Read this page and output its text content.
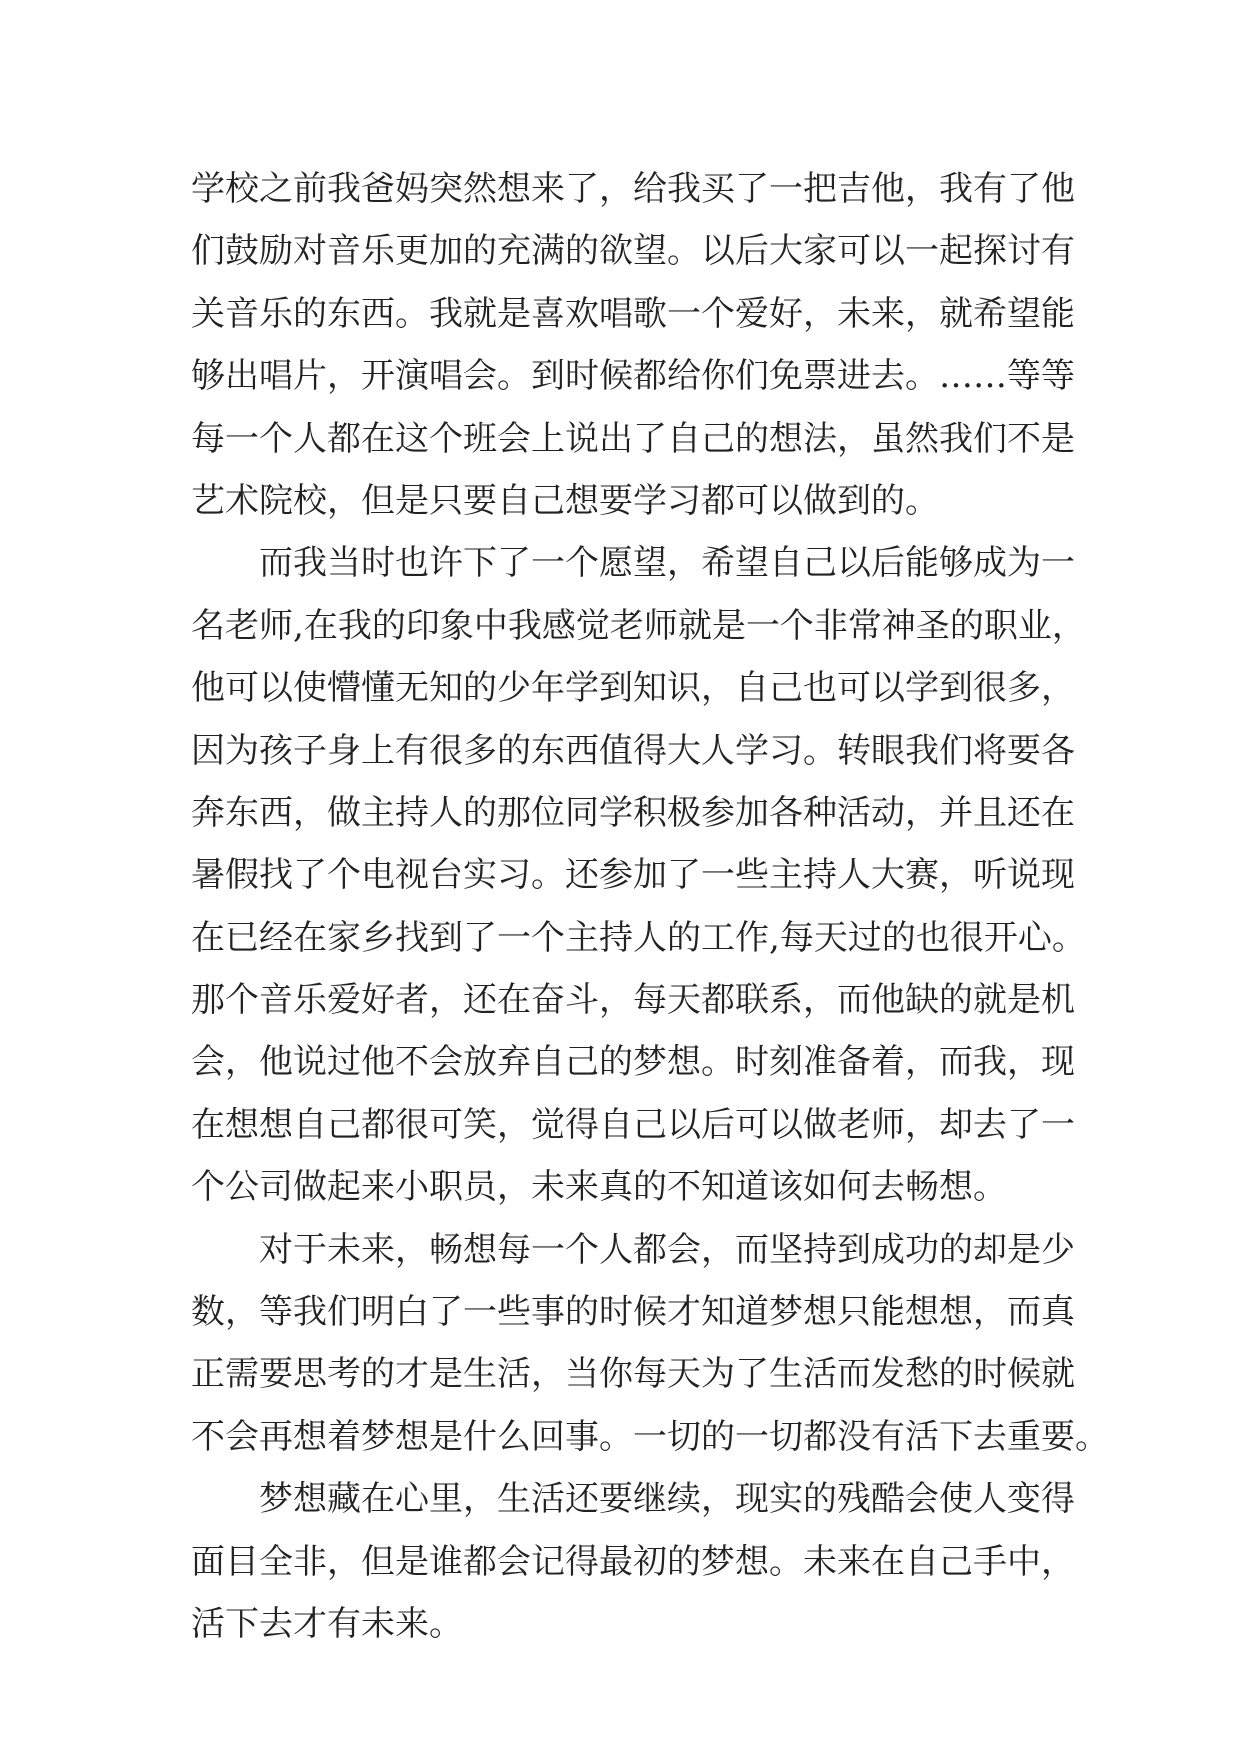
学 校 之 前 我 爸 妈 突 然 想 来 了 ， 给 我 买 了 一 把 吉 他 ， 我 有 了 他
们 鼓 励 对 音 乐 更 加 的 充 满 的 欲 望 。 以 后 大 家 可 以 一 起 探 讨 有
关 音 乐 的 东 西 。 我 就 是 喜 欢 唱 歌 一 个 爱 好 ， 未 来 ， 就 希 望 能
够 出 唱 片 ， 开 演 唱 会 。 到 时 候 都 给 你 们 免 票 进 去 。 … … 等 等
每 一 个 人 都 在 这 个 班 会 上 说 出 了 自 己 的 想 法 ， 虽 然 我 们 不 是
艺术院校，但是只要自己想要学习都可以做到的。
而 我 当 时 也 许 下 了 一 个 愿 望 ， 希 望 自 己 以 后 能 够 成 为 一
名 老 师 , 在 我 的 印 象 中 我 感 觉 老 师 就 是 一 个 非 常 神 圣 的 职 业 ，
他 可 以 使 懵 懂 无 知 的 少 年 学 到 知 识 ， 自 己 也 可 以 学 到 很 多 ，
因 为 孩 子 身 上 有 很 多 的 东 西 值 得 大 人 学 习 。 转 眼 我 们 将 要 各
奔 东 西 ， 做 主 持 人 的 那 位 同 学 积 极 参 加 各 种 活 动 ， 并 且 还 在
暑 假 找 了 个 电 视 台 实 习 。 还 参 加 了 一 些 主 持 人 大 赛 ， 听 说 现
在 已 经 在 家 乡 找 到 了 一 个 主 持 人 的 工 作 , 每 天 过 的 也 很 开 心 。
那 个 音 乐 爱 好 者 ， 还 在 奋 斗 ， 每 天 都 联 系 ， 而 他 缺 的 就 是 机
会 ， 他 说 过 他 不 会 放 弃 自 己 的 梦 想 。 时 刻 准 备 着 ， 而 我 ， 现
在 想 想 自 己 都 很 可 笑 ， 觉 得 自 己 以 后 可 以 做 老 师 ， 却 去 了 一
个公司做起来小职员，未来真的不知道该如何去畅想。
对 于 未 来 ， 畅 想 每 一 个 人 都 会 ， 而 坚 持 到 成 功 的 却 是 少
数 ， 等 我 们 明 白 了 一 些 事 的 时 候 才 知 道 梦 想 只 能 想 想 ， 而 真
正 需 要 思 考 的 才 是 生 活 ， 当 你 每 天 为 了 生 活 而 发 愁 的 时 候 就
不会再想着梦想是什么回事。一切的一切都没有活下去重要。
梦 想 藏 在 心 里 ， 生 活 还 要 继 续 ， 现 实 的 残 酷 会 使 人 变 得
面 目 全 非 ， 但 是 谁 都 会 记 得 最 初 的 梦 想 。 未 来 在 自 己 手 中 ，
活下去才有未来。
